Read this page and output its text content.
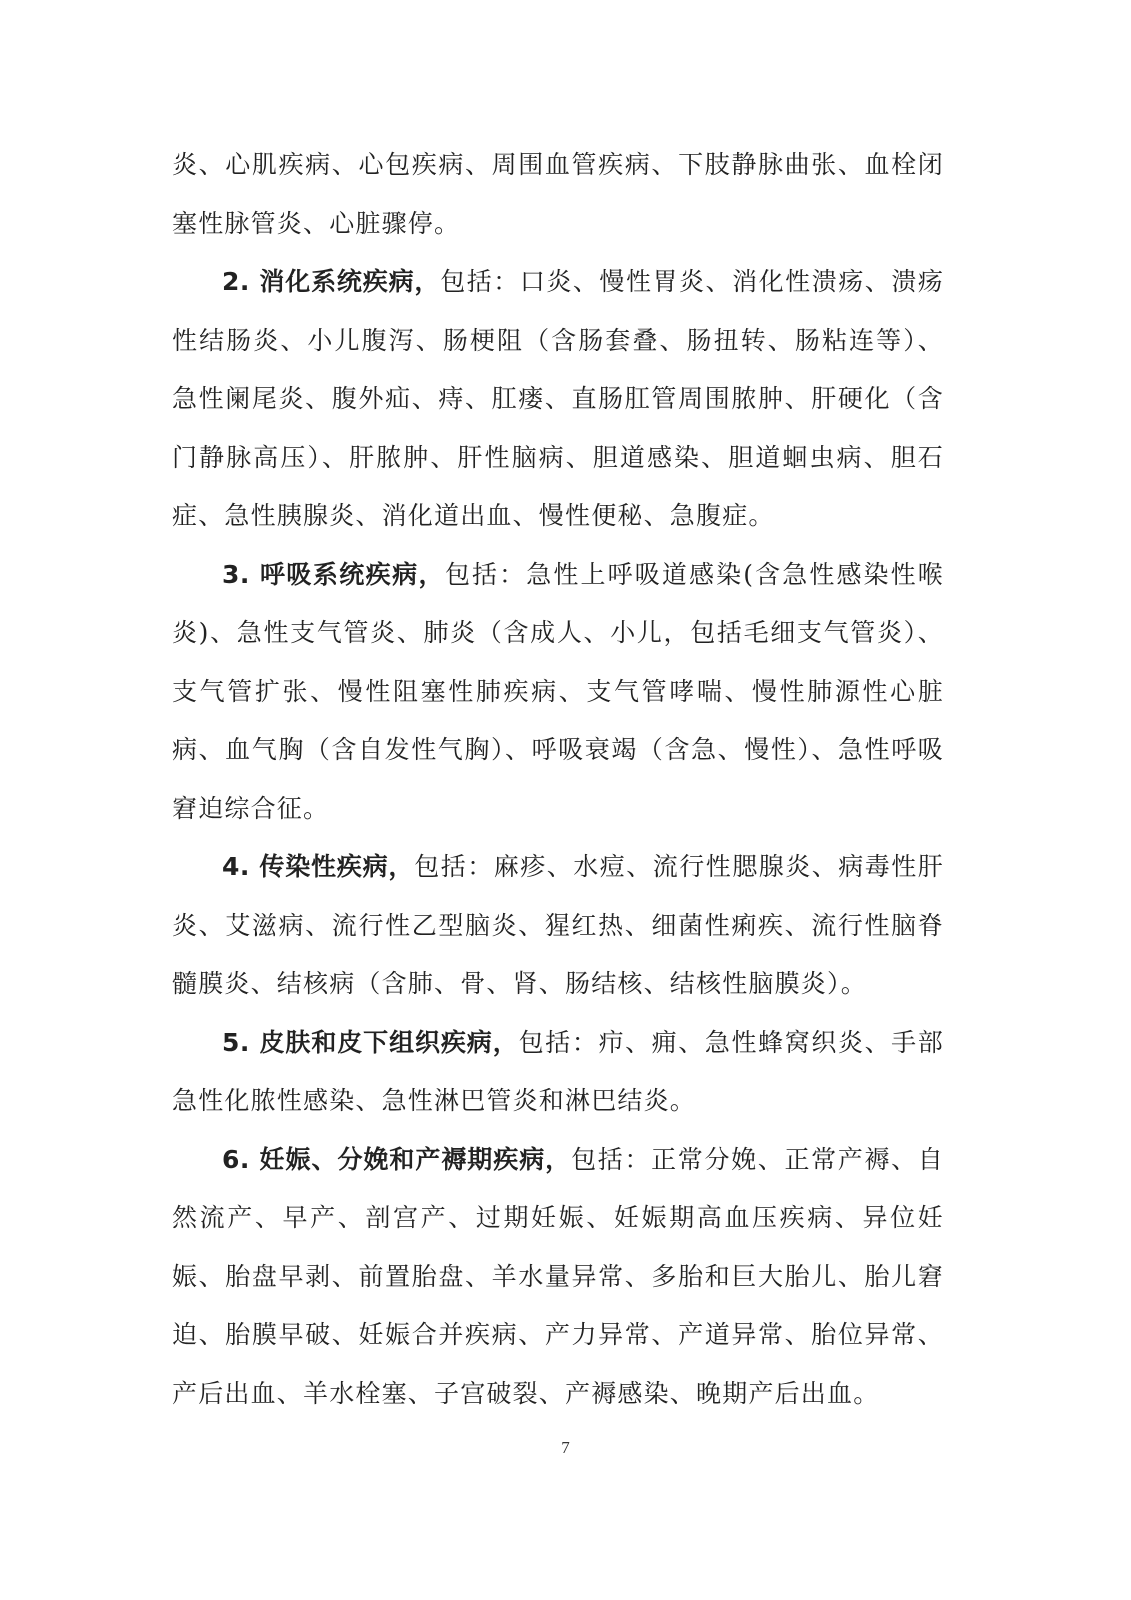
炎、心肌疾病、心包疾病、周围血管疾病、下肢静脉曲张、血栓闭塞性脉管炎、心脏骤停。

2. 消化系统疾病，包括：口炎、慢性胃炎、消化性溃疡、溃疡性结肠炎、小儿腹泻、肠梗阻（含肠套叠、肠扭转、肠粘连等）、急性阑尾炎、腹外疝、痔、肛瘘、直肠肛管周围脓肿、肝硬化（含门静脉高压）、肝脓肿、肝性脑病、胆道感染、胆道蛔虫病、胆石症、急性胰腺炎、消化道出血、慢性便秘、急腹症。

3. 呼吸系统疾病，包括：急性上呼吸道感染(含急性感染性喉炎)、急性支气管炎、肺炎（含成人、小儿，包括毛细支气管炎）、支气管扩张、慢性阻塞性肺疾病、支气管哮喘、慢性肺源性心脏病、血气胸（含自发性气胸）、呼吸衰竭（含急、慢性）、急性呼吸窘迫综合征。

4. 传染性疾病，包括：麻疹、水痘、流行性腮腺炎、病毒性肝炎、艾滋病、流行性乙型脑炎、猩红热、细菌性痢疾、流行性脑脊髓膜炎、结核病（含肺、骨、肾、肠结核、结核性脑膜炎）。

5. 皮肤和皮下组织疾病，包括：疖、痈、急性蜂窝织炎、手部急性化脓性感染、急性淋巴管炎和淋巴结炎。

6. 妊娠、分娩和产褥期疾病，包括：正常分娩、正常产褥、自然流产、早产、剖宫产、过期妊娠、妊娠期高血压疾病、异位妊娠、胎盘早剥、前置胎盘、羊水量异常、多胎和巨大胎儿、胎儿窘迫、胎膜早破、妊娠合并疾病、产力异常、产道异常、胎位异常、产后出血、羊水栓塞、子宫破裂、产褥感染、晚期产后出血。

7
